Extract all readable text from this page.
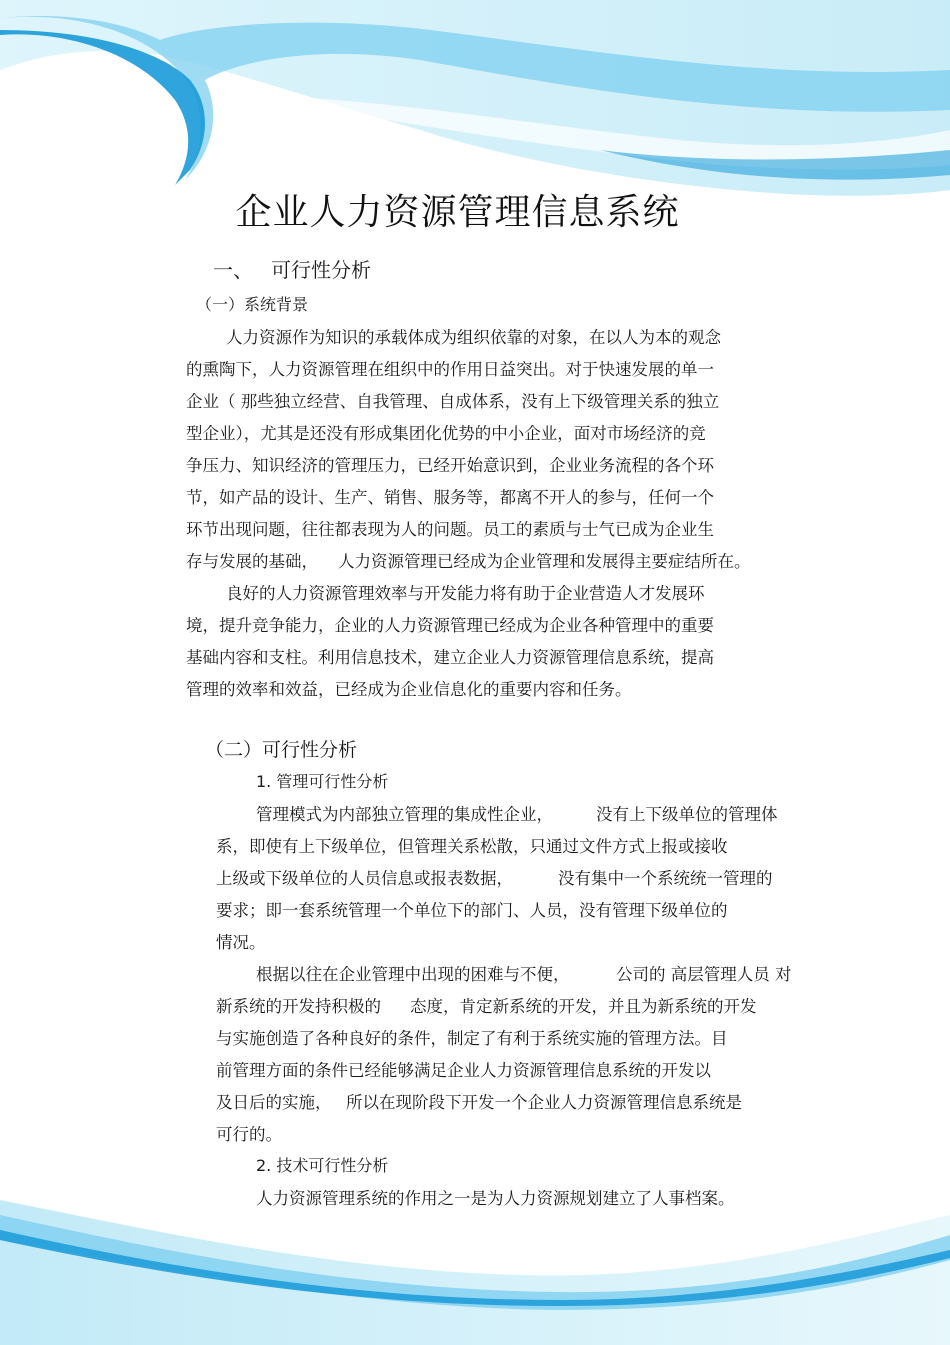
企业人力资源管理信息系统
一、 可行性分析
（一）系统背景
人力资源作为知识的承载体成为组织依靠的对象，在以人为本的观念
的熏陶下，人力资源管理在组织中的作用日益突出。对于快速发展的单一
企业（ 那些独立经营、自我管理、自成体系，没有上下级管理关系的独立
型企业），尤其是还没有形成集团化优势的中小企业，面对市场经济的竞
争压力、知识经济的管理压力，已经开始意识到，企业业务流程的各个环
节，如产品的设计、生产、销售、服务等，都离不开人的参与，任何一个
环节出现问题，往往都表现为人的问题。员工的素质与士气已成为企业生
存与发展的基础， 人力资源管理已经成为企业管理和发展得主要症结所在。
良好的人力资源管理效率与开发能力将有助于企业营造人才发展环
境，提升竞争能力，企业的人力资源管理已经成为企业各种管理中的重要
基础内容和支柱。利用信息技术，建立企业人力资源管理信息系统，提高
管理的效率和效益，已经成为企业信息化的重要内容和任务。
（二）可行性分析
1. 管理可行性分析
管理模式为内部独立管理的集成性企业，	没有上下级单位的管理体
系，即使有上下级单位，但管理关系松散，只通过文件方式上报或接收
上级或下级单位的人员信息或报表数据，	没有集中一个系统统一管理的
要求；即一套系统管理一个单位下的部门、人员，没有管理下级单位的
情况。
根据以往在企业管理中出现的困难与不便，	公司的 高层管理人员 对
新系统的开发持积极的 态度，肯定新系统的开发，并且为新系统的开发
与实施创造了各种良好的条件，制定了有利于系统实施的管理方法。目
前管理方面的条件已经能够满足企业人力资源管理信息系统的开发以
及日后的实施， 所以在现阶段下开发一个企业人力资源管理信息系统是
可行的。
2. 技术可行性分析
人力资源管理系统的作用之一是为人力资源规划建立了人事档案。
